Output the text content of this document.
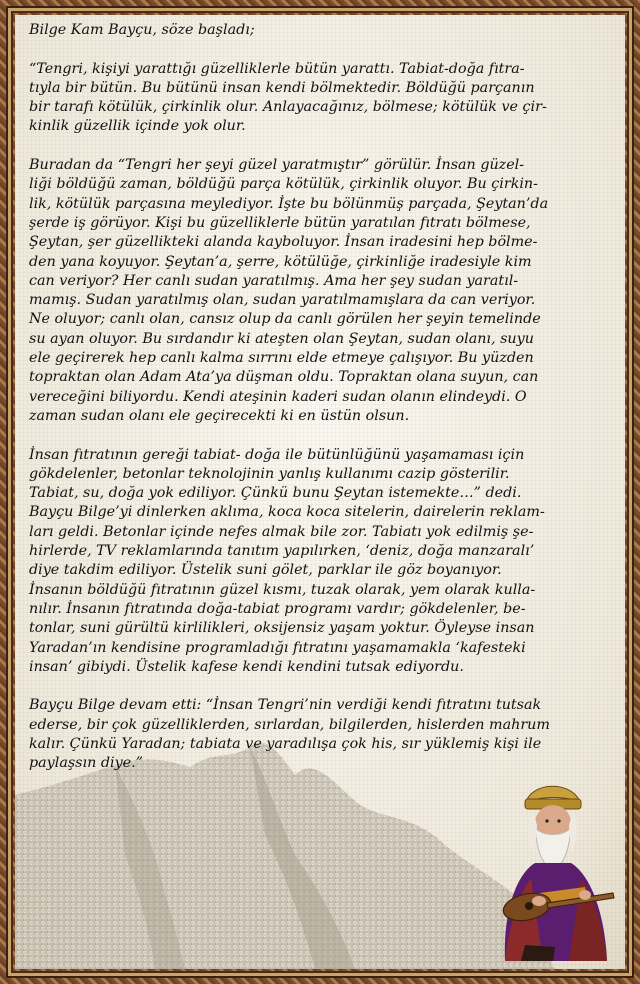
Bilge Kam Bayçu, söze başladı;

“Tengri, kişiyi yarattığı güzelliklerle bütün yarattı. Tabiat-doğa fıtra-
tıyla bir bütün. Bu bütünü insan kendi bölmektedir. Böldüğü parçanın
bir tarafı kötülük, çirkinlik olur. Anlayacağınız, bölmese; kötülük ve çir-
kinlik güzellik içinde yok olur.

Buradan da “Tengri her şeyi güzel yaratmıştır” görülür. İnsan güzel-
liği böldüğü zaman, böldüğü parça kötülük, çirkinlik oluyor. Bu çirkin-
lik, kötülük parçasına meylediyor. İşte bu bölünmüş parçada, Şeytan’da
şerde iş görüyor. Kişi bu güzelliklerle bütün yaratılan fıtratı bölmese,
Şeytan, şer güzellikteki alanda kayboluyor. İnsan iradesini hep bölme-
den yana koyuyor. Şeytan’a, şerre, kötülüğe, çirkinliğe iradesiyle kim
can veriyor? Her canlı sudan yaratılmış. Ama her şey sudan yaratıl-
mamış. Sudan yaratılmış olan, sudan yaratılmamışlara da can veriyor.
Ne oluyor; canlı olan, cansız olup da canlı görülen her şeyin temelinde
su ayan oluyor. Bu sırdandır ki ateşten olan Şeytan, sudan olanı, suyu
ele geçirerek hep canlı kalma sırrını elde etmeye çalışıyor. Bu yüzden
topraktan olan Adam Ata’ya düşman oldu. Topraktan olana suyun, can
vereceğini biliyordu. Kendi ateşinin kaderi sudan olanın elindeydi. O
zaman sudan olanı ele geçirecekti ki en üstün olsun.

İnsan fıtratının gereği tabiat- doğa ile bütünlüğünü yaşamaması için
gökdelenler, betonlar teknolojinin yanlış kullanımı cazip gösterilir.
Tabiat, su, doğa yok ediliyor. Çünkü bunu Şeytan istemekte…” dedi.
Bayçu Bilge’yi dinlerken aklıma, koca koca sitelerin, dairelerin reklam-
ları geldi. Betonlar içinde nefes almak bile zor. Tabiatı yok edilmiş şe-
hirlerde, TV reklamlarında tanıtım yapılırken, ‘deniz, doğa manzaralı’
diye takdim ediliyor. Üstelik suni gölet, parklar ile göz boyanıyor.
İnsanın böldüğü fıtratının güzel kısmı, tuzak olarak, yem olarak kulla-
nılır. İnsanın fıtratında doğa-tabiat programı vardır; gökdelenler, be-
tonlar, suni gürültü kirlilikleri, oksijensiz yaşam yoktur. Öyleyse insan
Yaradan’ın kendisine programladığı fıtratını yaşamamakla ‘kafesteki
insan’ gibiydi. Üstelik kafese kendi kendini tutsak ediyordu.

Bayçu Bilge devam etti: “İnsan Tengri’nin verdiği kendi fıtratını tutsak
ederse, bir çok güzelliklerden, sırlardan, bilgilerden, hislerden mahrum
kalır. Çünkü Yaradan; tabiata ve yaradılışa çok his, sır yüklemiş kişi ile
paylaşsın diye.”
